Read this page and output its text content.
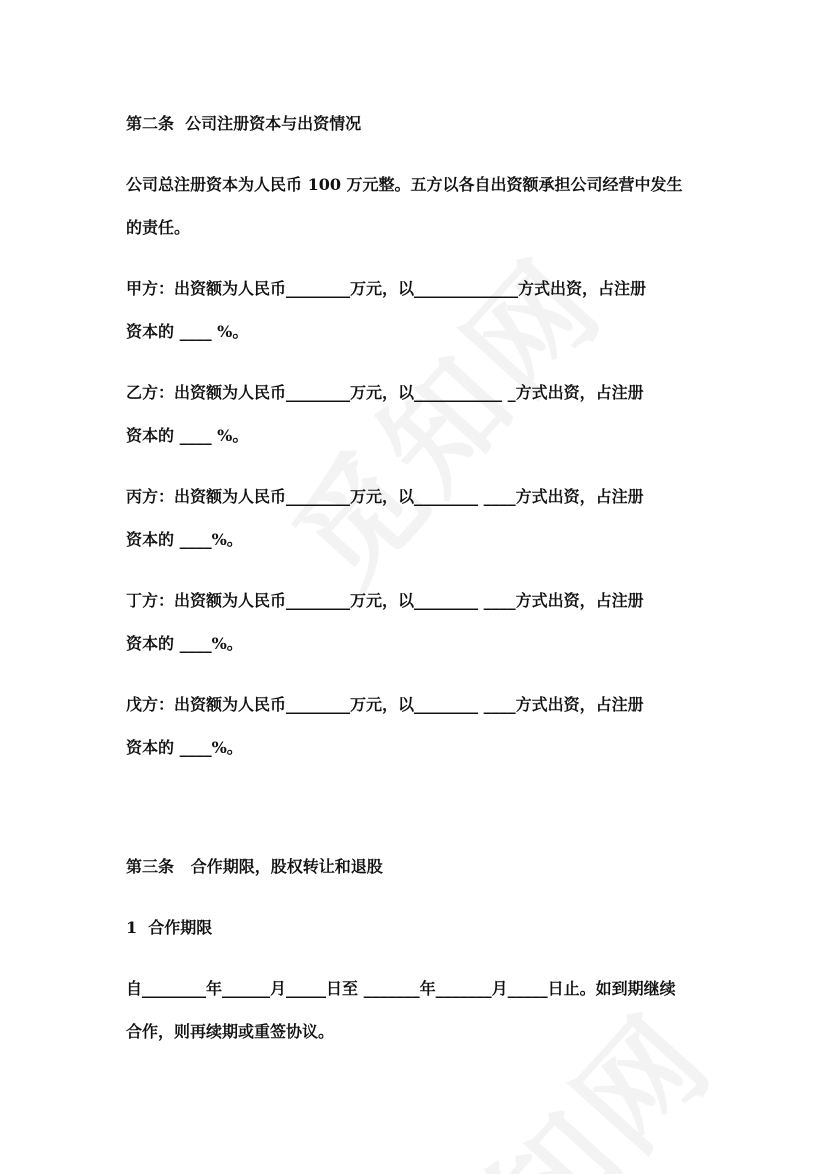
第二条  公司注册资本与出资情况
公司总注册资本为人民币 100 万元整。五方以各自出资额承担公司经营中发生
的责任。
甲方：出资额为人民币________万元，以_____________方式出资，占注册
资本的 ____ %。
乙方：出资额为人民币________万元，以___________ _方式出资，占注册
资本的 ____ %。
丙方：出资额为人民币________万元，以________ ____方式出资，占注册
资本的 ____%。
丁方：出资额为人民币________万元，以________ ____方式出资，占注册
资本的 ____%。
戊方：出资额为人民币________万元，以________ ____方式出资，占注册
资本的 ____%。
第三条   合作期限，股权转让和退股
1  合作期限
自________年______月_____日至 _______年_______月_____日止。如到期继续
合作，则再续期或重签协议。
